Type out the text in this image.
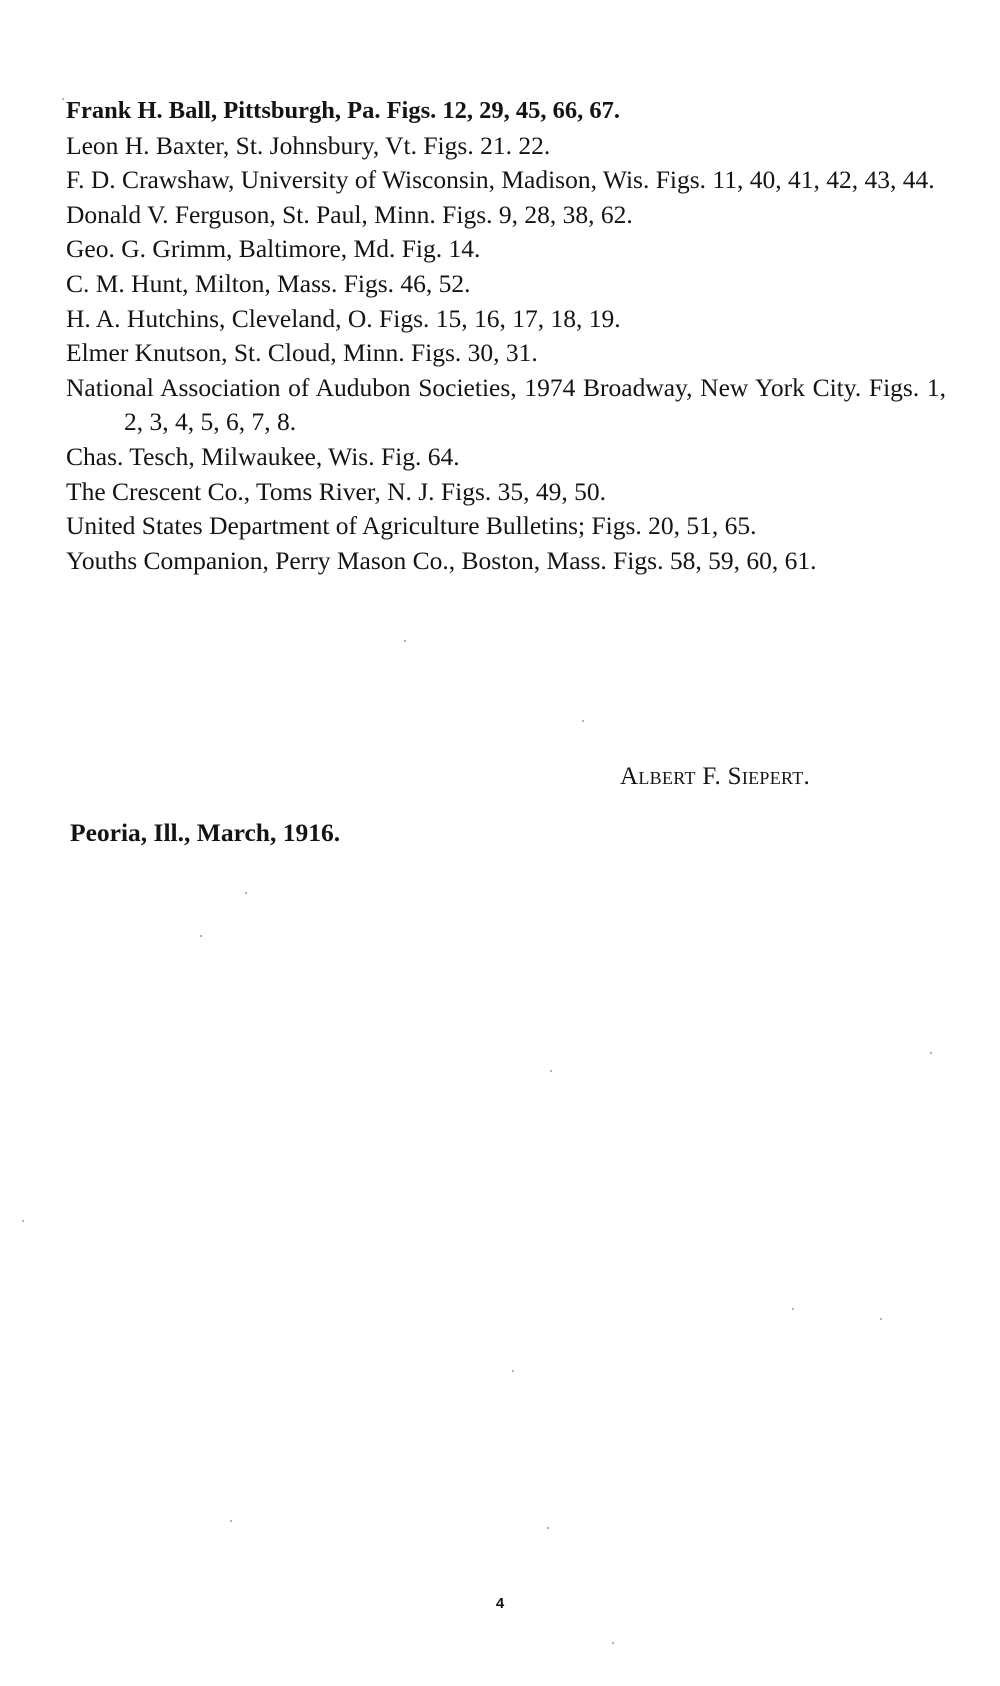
Frank H. Ball, Pittsburgh, Pa. Figs. 12, 29, 45, 66, 67.
Leon H. Baxter, St. Johnsbury, Vt. Figs. 21. 22.
F. D. Crawshaw, University of Wisconsin, Madison, Wis. Figs. 11, 40, 41, 42, 43, 44.
Donald V. Ferguson, St. Paul, Minn. Figs. 9, 28, 38, 62.
Geo. G. Grimm, Baltimore, Md. Fig. 14.
C. M. Hunt, Milton, Mass. Figs. 46, 52.
H. A. Hutchins, Cleveland, O. Figs. 15, 16, 17, 18, 19.
Elmer Knutson, St. Cloud, Minn. Figs. 30, 31.
National Association of Audubon Societies, 1974 Broadway, New York City. Figs. 1, 2, 3, 4, 5, 6, 7, 8.
Chas. Tesch, Milwaukee, Wis. Fig. 64.
The Crescent Co., Toms River, N. J. Figs. 35, 49, 50.
United States Department of Agriculture Bulletins; Figs. 20, 51, 65.
Youths Companion, Perry Mason Co., Boston, Mass. Figs. 58, 59, 60, 61.
Albert F. Siepert.
Peoria, Ill., March, 1916.
4
